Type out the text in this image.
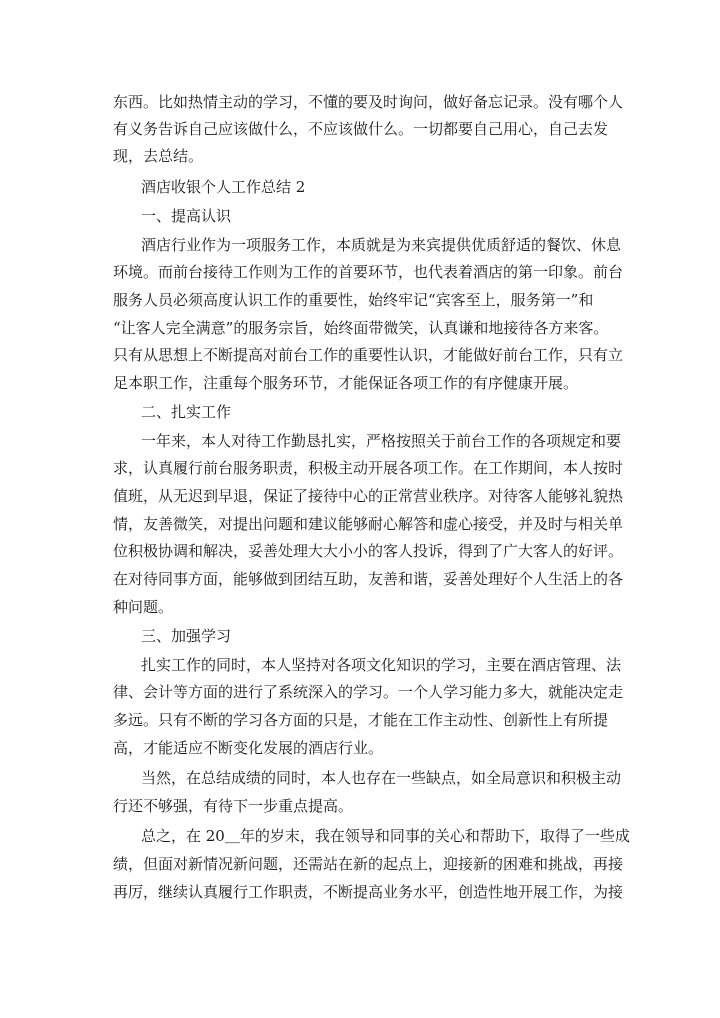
东西。比如热情主动的学习，不懂的要及时询问，做好备忘记录。没有哪个人
有义务告诉自己应该做什么，不应该做什么。一切都要自己用心，自己去发
现，去总结。
酒店收银个人工作总结 2
一、提高认识
酒店行业作为一项服务工作，本质就是为来宾提供优质舒适的餐饮、休息
环境。而前台接待工作则为工作的首要环节，也代表着酒店的第一印象。前台
服务人员必须高度认识工作的重要性，始终牢记“宾客至上，服务第一”和
“让客人完全满意”的服务宗旨，始终面带微笑，认真谦和地接待各方来客。
只有从思想上不断提高对前台工作的重要性认识，才能做好前台工作，只有立
足本职工作，注重每个服务环节，才能保证各项工作的有序健康开展。
二、扎实工作
一年来，本人对待工作勤恳扎实，严格按照关于前台工作的各项规定和要
求，认真履行前台服务职责，积极主动开展各项工作。在工作期间，本人按时
值班，从无迟到早退，保证了接待中心的正常营业秩序。对待客人能够礼貌热
情，友善微笑，对提出问题和建议能够耐心解答和虚心接受，并及时与相关单
位积极协调和解决，妥善处理大大小小的客人投诉，得到了广大客人的好评。
在对待同事方面，能够做到团结互助，友善和谐，妥善处理好个人生活上的各
种问题。
三、加强学习
扎实工作的同时，本人坚持对各项文化知识的学习，主要在酒店管理、法
律、会计等方面的进行了系统深入的学习。一个人学习能力多大，就能决定走
多远。只有不断的学习各方面的只是，才能在工作主动性、创新性上有所提
高，才能适应不断变化发展的酒店行业。
当然，在总结成绩的同时，本人也存在一些缺点，如全局意识和积极主动
行还不够强，有待下一步重点提高。
总之，在 20＿年的岁末，我在领导和同事的关心和帮助下，取得了一些成
绩，但面对新情况新问题，还需站在新的起点上，迎接新的困难和挑战，再接
再厉，继续认真履行工作职责，不断提高业务水平，创造性地开展工作，为接
